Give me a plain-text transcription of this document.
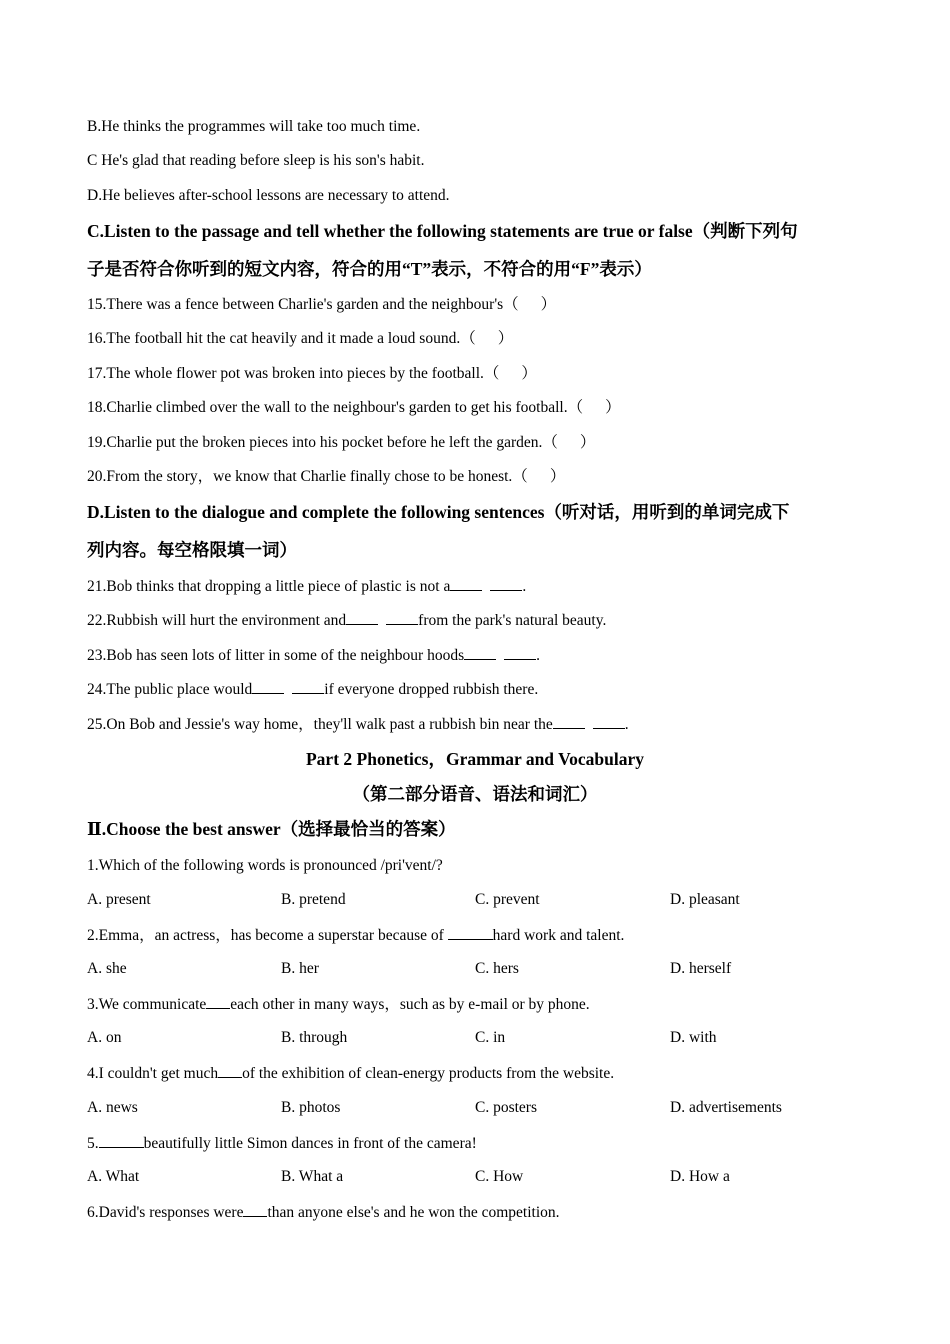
B.He thinks the programmes will take too much time.
C He's glad that reading before sleep is his son's habit.
D.He believes after-school lessons are necessary to attend.
C.Listen to the passage and tell whether the following statements are true or false（判断下列句
子是否符合你听到的短文内容，符合的用“T”表示，不符合的用“F”表示）
15.There was a fence between Charlie's garden and the neighbour's（ ）
16.The football hit the cat heavily and it made a loud sound.（ ）
17.The whole flower pot was broken into pieces by the football.（ ）
18.Charlie climbed over the wall to the neighbour's garden to get his football.（ ）
19.Charlie put the broken pieces into his pocket before he left the garden.（ ）
20.From the story，we know that Charlie finally chose to be honest.（ ）
D.Listen to the dialogue and complete the following sentences（听对话，用听到的单词完成下
列内容。每空格限填一词）
21.Bob thinks that dropping a little piece of plastic is not a	.
22.Rubbish will hurt the environment and	from the park's natural beauty.
23.Bob has seen lots of litter in some of the neighbour hoods	.
24.The public place would	if everyone dropped rubbish there.
25.On Bob and Jessie's way home，they'll walk past a rubbish bin near the	.
Part 2 Phonetics，Grammar and Vocabulary
（第二部分语音、语法和词汇）
Ⅱ.Choose the best answer（选择最恰当的答案）
1.Which of the following words is pronounced /pri'vent/?
A. present	B. pretend	C. prevent	D. pleasant
2.Emma，an actress，has become a superstar because of	hard work and talent.
A. she	B. her	C. hers	D. herself
3.We communicate each other in many ways，such as by e-mail or by phone.
A. on	B. through	C. in	D. with
4.I couldn't get much of the exhibition of clean-energy products from the website.
A. news	B. photos	C. posters	D. advertisements
5.	beautifully little Simon dances in front of the camera!
A. What	B. What a	C. How	D. How a
6.David's responses were than anyone else's and he won the competition.
